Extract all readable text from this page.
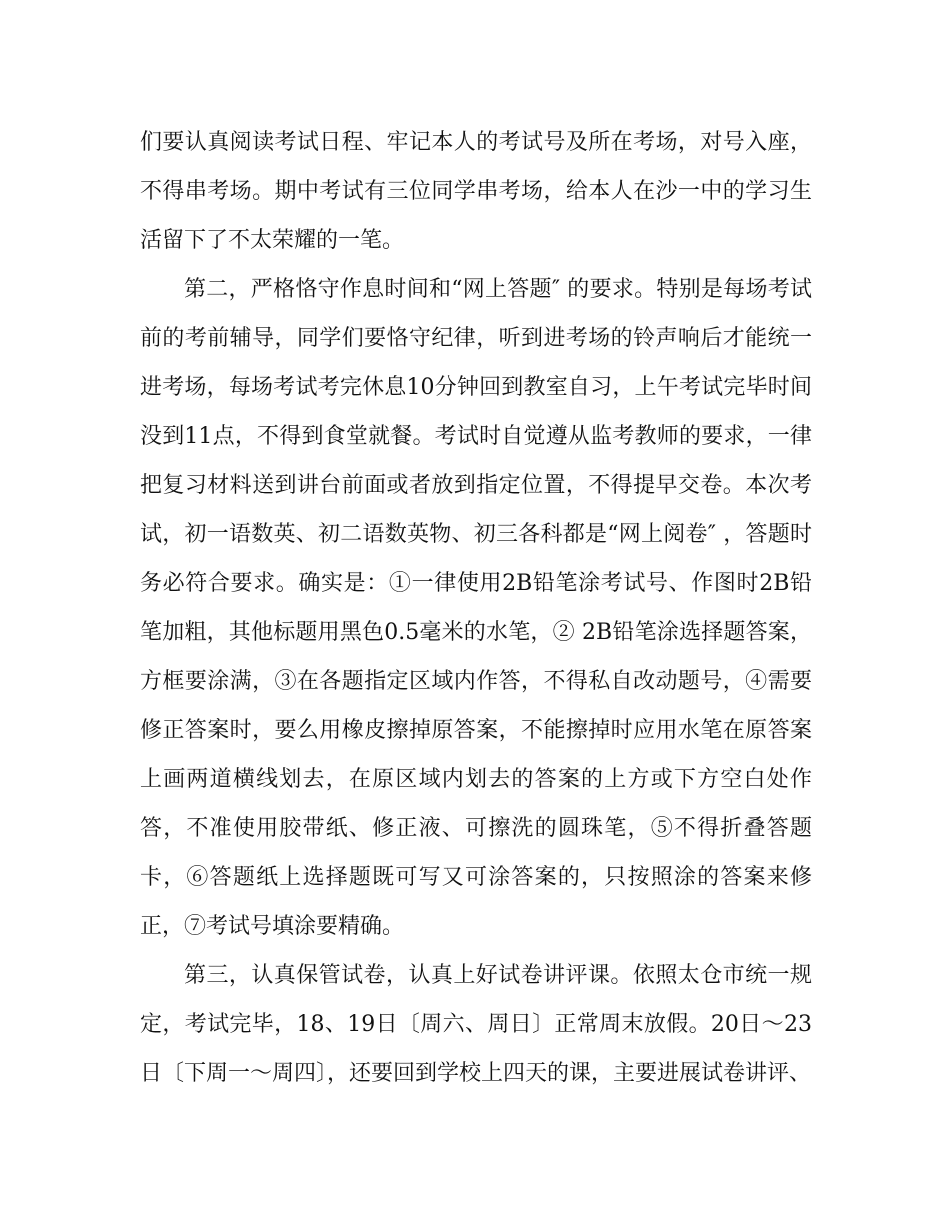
们要认真阅读考试日程、牢记本人的考试号及所在考场，对号入座，不得串考场。期中考试有三位同学串考场，给本人在沙一中的学习生活留下了不太荣耀的一笔。

第二，严格恪守作息时间和“网上答题″ 的要求。特别是每场考试前的考前辅导，同学们要恪守纪律，听到进考场的铃声响后才能统一进考场，每场考试考完休息10分钟回到教室自习，上午考试完毕时间没到11点，不得到食堂就餐。考试时自觉遵从监考教师的要求，一律把复习材料送到讲台前面或者放到指定位置，不得提早交卷。本次考试，初一语数英、初二语数英物、初三各科都是“网上阅卷″ ，答题时务必符合要求。确实是：①一律使用2B铅笔涂考试号、作图时2B铅笔加粗，其他标题用黑色0.5毫米的水笔，② 2B铅笔涂选择题答案，方框要涂满，③在各题指定区域内作答，不得私自改动题号，④需要修正答案时，要么用橡皮擦掉原答案，不能擦掉时应用水笔在原答案上画两道横线划去，在原区域内划去的答案的上方或下方空白处作答，不准使用胶带纸、修正液、可擦洗的圆珠笔，⑤不得折叠答题卡，⑥答题纸上选择题既可写又可涂答案的，只按照涂的答案来修正，⑦考试号填涂要精确。

第三，认真保管试卷，认真上好试卷讲评课。依照太仓市统一规定，考试完毕，18、19日〔周六、周日〕正常周末放假。20日～23日〔下周一～周四〕，还要回到学校上四天的课，主要进展试卷讲评、
